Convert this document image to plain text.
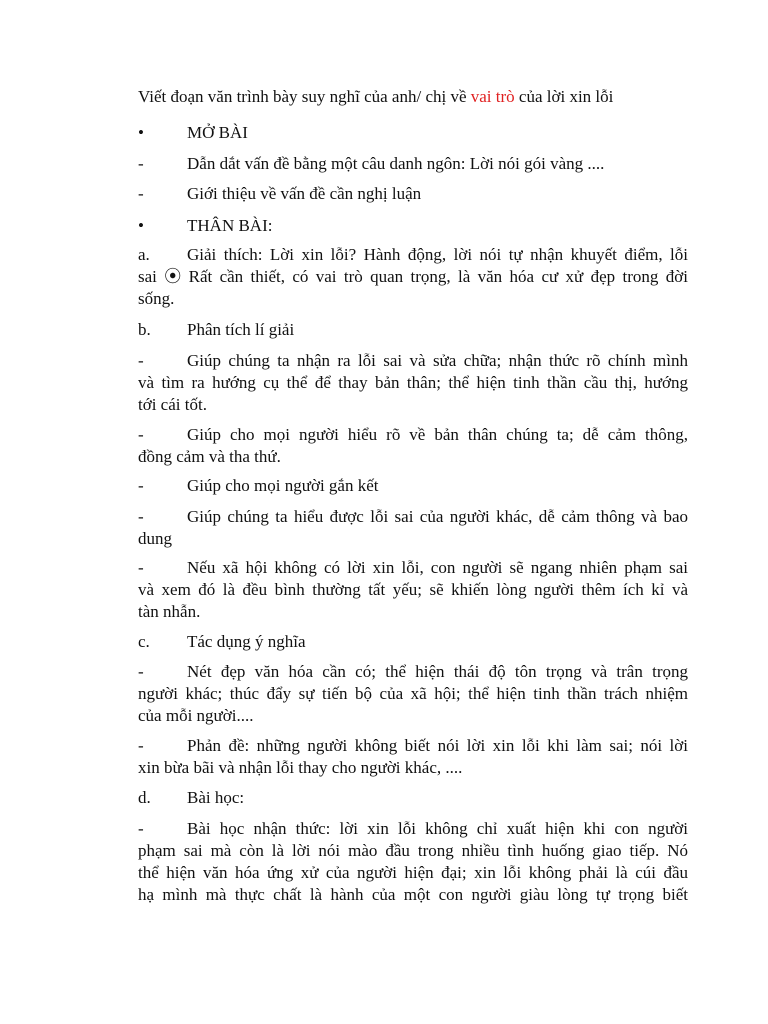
Viết đoạn văn trình bày suy nghĩ của anh/ chị về vai trò của lời xin lỗi
•	MỞ BÀI
-	Dẫn dắt vấn đề bằng một câu danh ngôn: Lời nói gói vàng ....
-	Giới thiệu về vấn đề cần nghị luận
•	THÂN BÀI:
a. Giải thích: Lời xin lỗi? Hành động, lời nói tự nhận khuyết điểm, lỗi
sai ⦿ Rất cần thiết, có vai trò quan trọng, là văn hóa cư xử đẹp trong đời
sống.
b. Phân tích lí giải
-	Giúp chúng ta nhận ra lỗi sai và sửa chữa; nhận thức rõ chính mình
và tìm ra hướng cụ thể để thay bản thân; thể hiện tinh thần cầu thị, hướng
tới cái tốt.
-	Giúp cho mọi người hiểu rõ về bản thân chúng ta; dễ cảm thông,
đồng cảm và tha thứ.
-	Giúp cho mọi người gắn kết
-	Giúp chúng ta hiểu được lỗi sai của người khác, dễ cảm thông và bao
dung
-	Nếu xã hội không có lời xin lỗi, con người sẽ ngang nhiên phạm sai
và xem đó là đều bình thường tất yếu; sẽ khiến lòng người thêm ích kỉ và
tàn nhẫn.
c. Tác dụng ý nghĩa
-	Nét đẹp văn hóa cần có; thể hiện thái độ tôn trọng và trân trọng
người khác; thúc đẩy sự tiến bộ của xã hội; thể hiện tinh thần trách nhiệm
của mỗi người....
-	Phản đề: những người không biết nói lời xin lỗi khi làm sai; nói lời
xin bừa bãi và nhận lỗi thay cho người khác, ....
d. Bài học:
-	Bài học nhận thức: lời xin lỗi không chỉ xuất hiện khi con người
phạm sai mà còn là lời nói mào đầu trong nhiều tình huống giao tiếp. Nó
thể hiện văn hóa ứng xử của người hiện đại; xin lỗi không phải là cúi đầu
hạ mình mà thực chất là hành của một con người giàu lòng tự trọng biết
